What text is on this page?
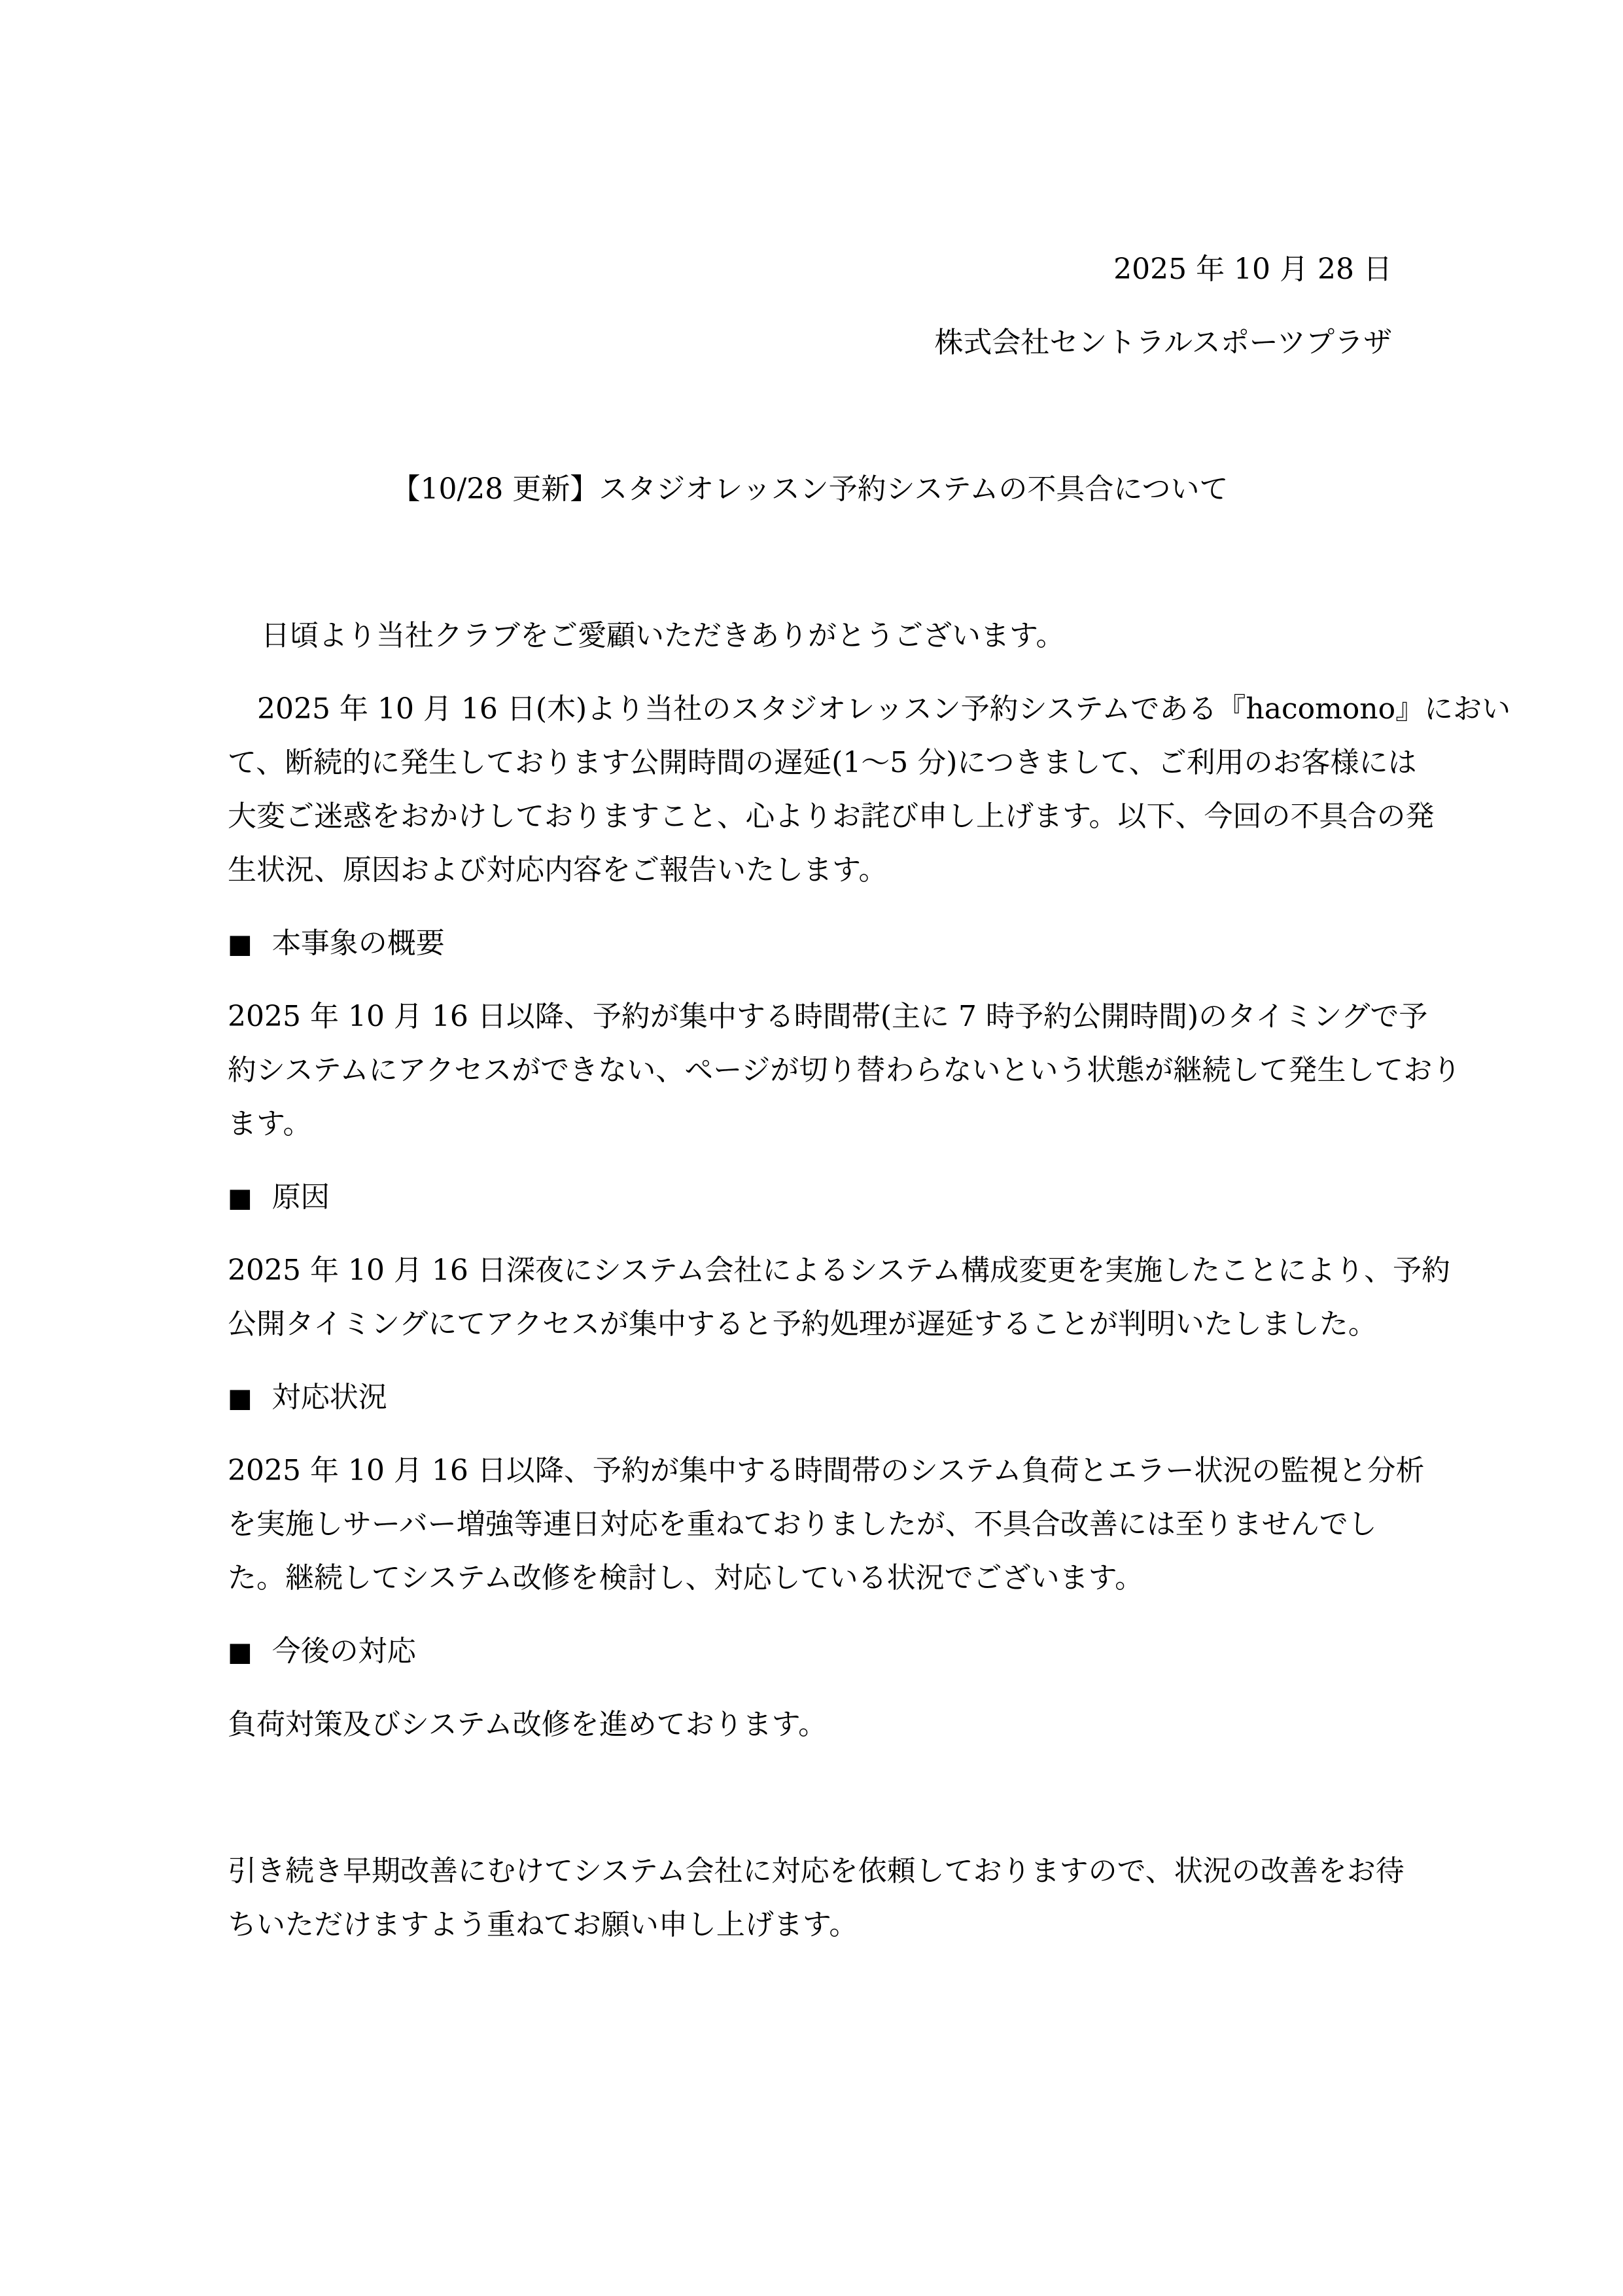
2025 年 10 月 28 日
株式会社セントラルスポーツプラザ
【10/28 更新】スタジオレッスン予約システムの不具合について
日頃より当社クラブをご愛顧いただきありがとうございます。
2025 年 10 月 16 日(木)より当社のスタジオレッスン予約システムである『hacomono』におい
て、断続的に発生しております公開時間の遅延(1～5 分)につきまして、ご利用のお客様には
大変ご迷惑をおかけしておりますこと、心よりお詫び申し上げます。以下、今回の不具合の発
生状況、原因および対応内容をご報告いたします。
■ 本事象の概要
2025 年 10 月 16 日以降、予約が集中する時間帯(主に 7 時予約公開時間)のタイミングで予
約システムにアクセスができない、ページが切り替わらないという状態が継続して発生しており
ます。
■ 原因
2025 年 10 月 16 日深夜にシステム会社によるシステム構成変更を実施したことにより、予約
公開タイミングにてアクセスが集中すると予約処理が遅延することが判明いたしました。
■ 対応状況
2025 年 10 月 16 日以降、予約が集中する時間帯のシステム負荷とエラー状況の監視と分析
を実施しサーバー増強等連日対応を重ねておりましたが、不具合改善には至りませんでし
た。継続してシステム改修を検討し、対応している状況でございます。
■ 今後の対応
負荷対策及びシステム改修を進めております。
引き続き早期改善にむけてシステム会社に対応を依頼しておりますので、状況の改善をお待
ちいただけますよう重ねてお願い申し上げます。
